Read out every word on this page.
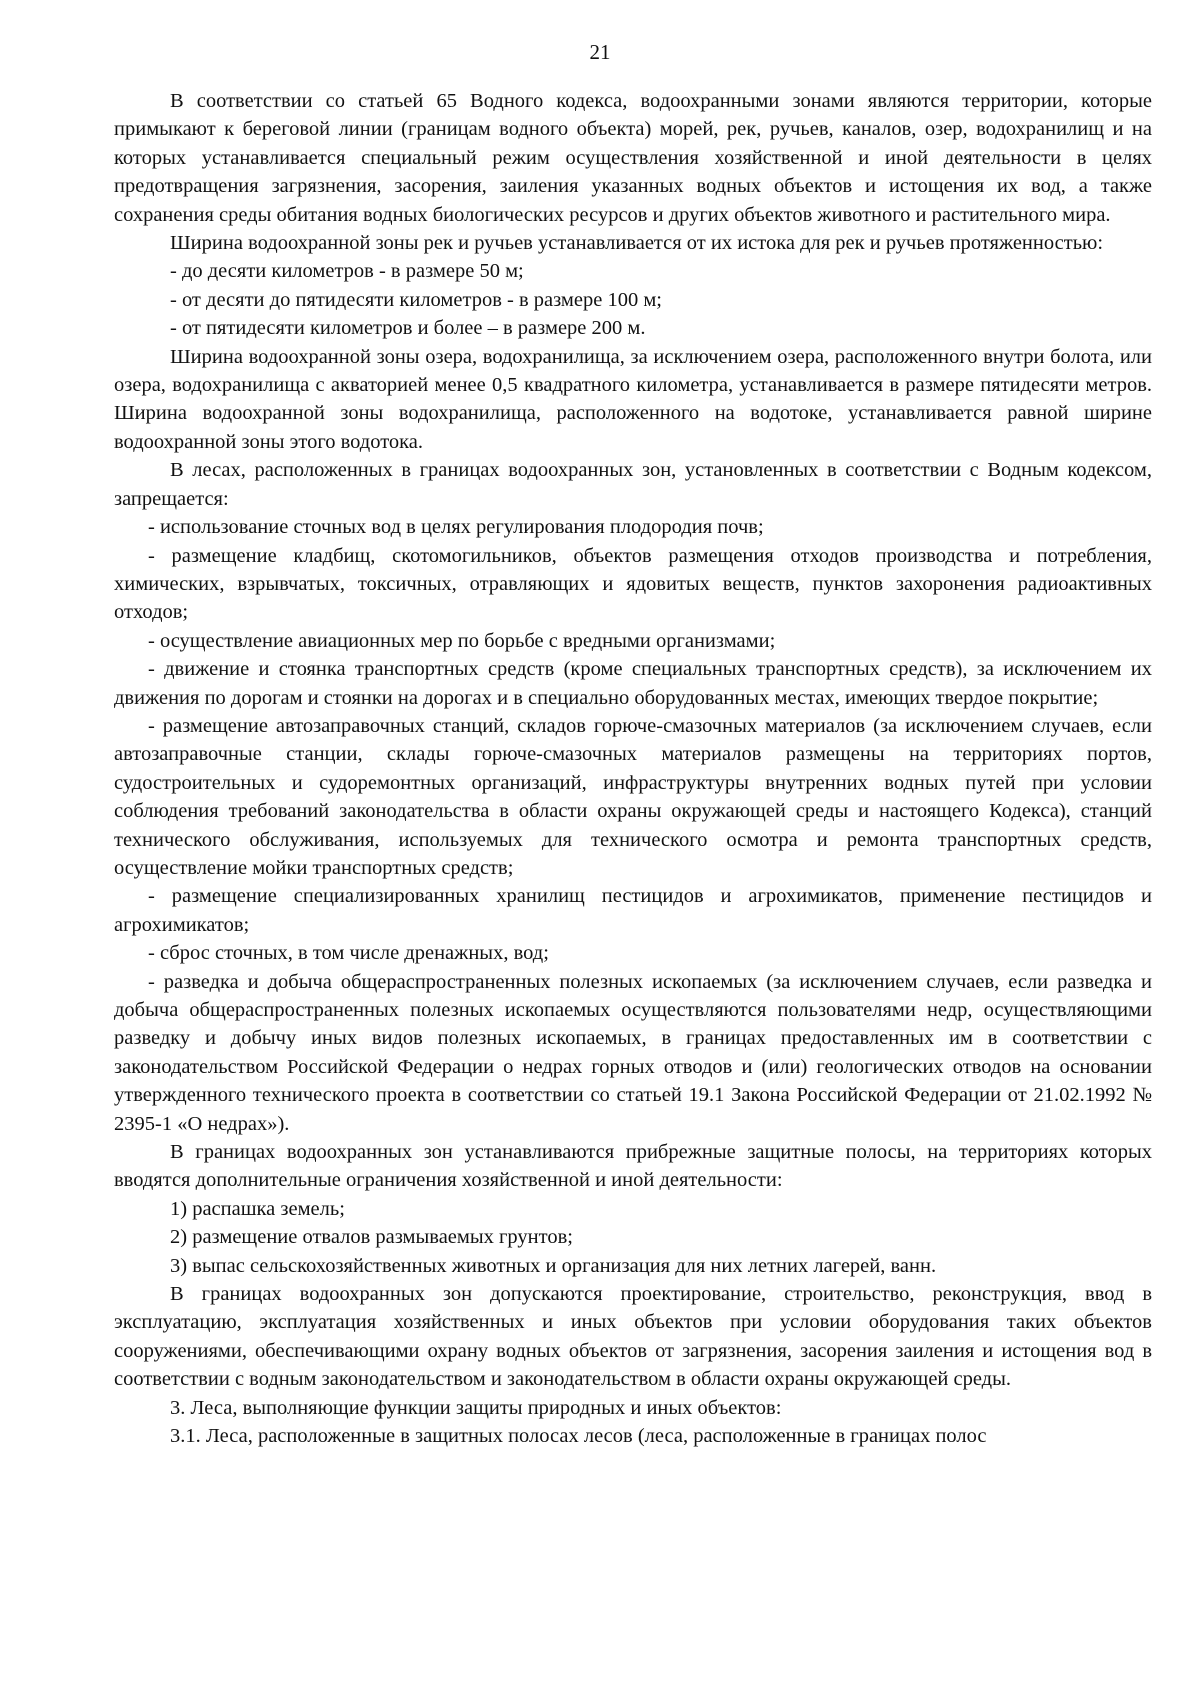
21

В соответствии со статьей 65 Водного кодекса, водоохранными зонами являются территории, которые примыкают к береговой линии (границам водного объекта) морей, рек, ручьев, каналов, озер, водохранилищ и на которых устанавливается специальный режим осуществления хозяйственной и иной деятельности в целях предотвращения загрязнения, засорения, заиления указанных водных объектов и истощения их вод, а также сохранения среды обитания водных биологических ресурсов и других объектов животного и растительного мира.

Ширина водоохранной зоны рек и ручьев устанавливается от их истока для рек и ручьев протяженностью:

- до десяти километров - в размере 50 м;

- от десяти до пятидесяти километров - в размере 100 м;

- от пятидесяти километров и более – в размере 200 м.

Ширина водоохранной зоны озера, водохранилища, за исключением озера, расположенного внутри болота, или озера, водохранилища с акваторией менее 0,5 квадратного километра, устанавливается в размере пятидесяти метров. Ширина водоохранной зоны водохранилища, расположенного на водотоке, устанавливается равной ширине водоохранной зоны этого водотока.

В лесах, расположенных в границах водоохранных зон, установленных в соответствии с Водным кодексом, запрещается:

- использование сточных вод в целях регулирования плодородия почв;

- размещение кладбищ, скотомогильников, объектов размещения отходов производства и потребления, химических, взрывчатых, токсичных, отравляющих и ядовитых веществ, пунктов захоронения радиоактивных отходов;

- осуществление авиационных мер по борьбе с вредными организмами;

- движение и стоянка транспортных средств (кроме специальных транспортных средств), за исключением их движения по дорогам и стоянки на дорогах и в специально оборудованных местах, имеющих твердое покрытие;

- размещение автозаправочных станций, складов горюче-смазочных материалов (за исключением случаев, если автозаправочные станции, склады горюче-смазочных материалов размещены на территориях портов, судостроительных и судоремонтных организаций, инфраструктуры внутренних водных путей при условии соблюдения требований законодательства в области охраны окружающей среды и настоящего Кодекса), станций технического обслуживания, используемых для технического осмотра и ремонта транспортных средств, осуществление мойки транспортных средств;

- размещение специализированных хранилищ пестицидов и агрохимикатов, применение пестицидов и агрохимикатов;

- сброс сточных, в том числе дренажных, вод;

- разведка и добыча общераспространенных полезных ископаемых (за исключением случаев, если разведка и добыча общераспространенных полезных ископаемых осуществляются пользователями недр, осуществляющими разведку и добычу иных видов полезных ископаемых, в границах предоставленных им в соответствии с законодательством Российской Федерации о недрах горных отводов и (или) геологических отводов на основании утвержденного технического проекта в соответствии со статьей 19.1 Закона Российской Федерации от 21.02.1992 № 2395-1 «О недрах»).

В границах водоохранных зон устанавливаются прибрежные защитные полосы, на территориях которых вводятся дополнительные ограничения хозяйственной и иной деятельности:

1) распашка земель;

2) размещение отвалов размываемых грунтов;

3) выпас сельскохозяйственных животных и организация для них летних лагерей, ванн.

В границах водоохранных зон допускаются проектирование, строительство, реконструкция, ввод в эксплуатацию, эксплуатация хозяйственных и иных объектов при условии оборудования таких объектов сооружениями, обеспечивающими охрану водных объектов от загрязнения, засорения заиления и истощения вод в соответствии с водным законодательством и законодательством в области охраны окружающей среды.

3. Леса, выполняющие функции защиты природных и иных объектов:

3.1. Леса, расположенные в защитных полосах лесов (леса, расположенные в границах полос
